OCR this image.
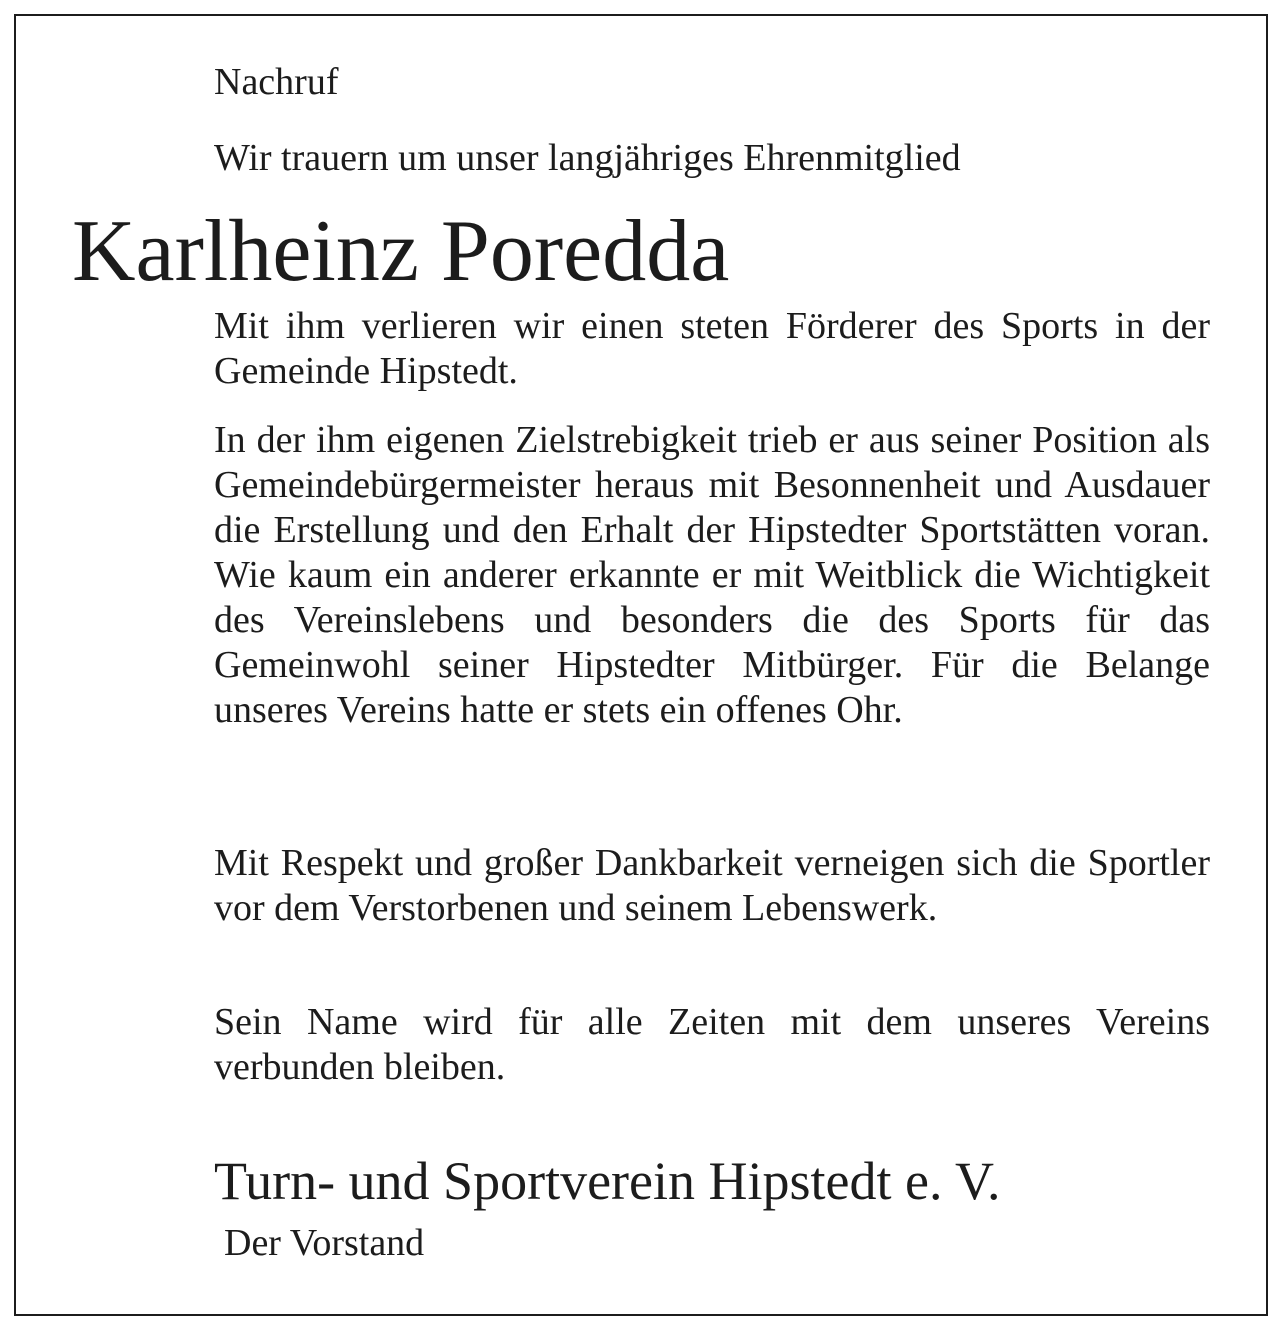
Nachruf
Wir trauern um unser langjähriges Ehrenmitglied
Karlheinz Poredda

Mit ihm verlieren wir einen steten Förderer des Sports in der Gemeinde Hipstedt.

In der ihm eigenen Zielstrebigkeit trieb er aus seiner Position als Gemeindebürgermeister heraus mit Besonnenheit und Ausdauer die Erstellung und den Erhalt der Hipstedter Sportstätten voran. Wie kaum ein anderer erkannte er mit Weitblick die Wichtigkeit des Vereinslebens und besonders die des Sports für das Gemeinwohl seiner Hipstedter Mitbürger. Für die Belange unseres Vereins hatte er stets ein offenes Ohr.

Mit Respekt und großer Dankbarkeit verneigen sich die Sportler vor dem Verstorbenen und seinem Lebenswerk.

Sein Name wird für alle Zeiten mit dem unseres Vereins verbunden bleiben.

Turn- und Sportverein Hipstedt e. V.
Der Vorstand
